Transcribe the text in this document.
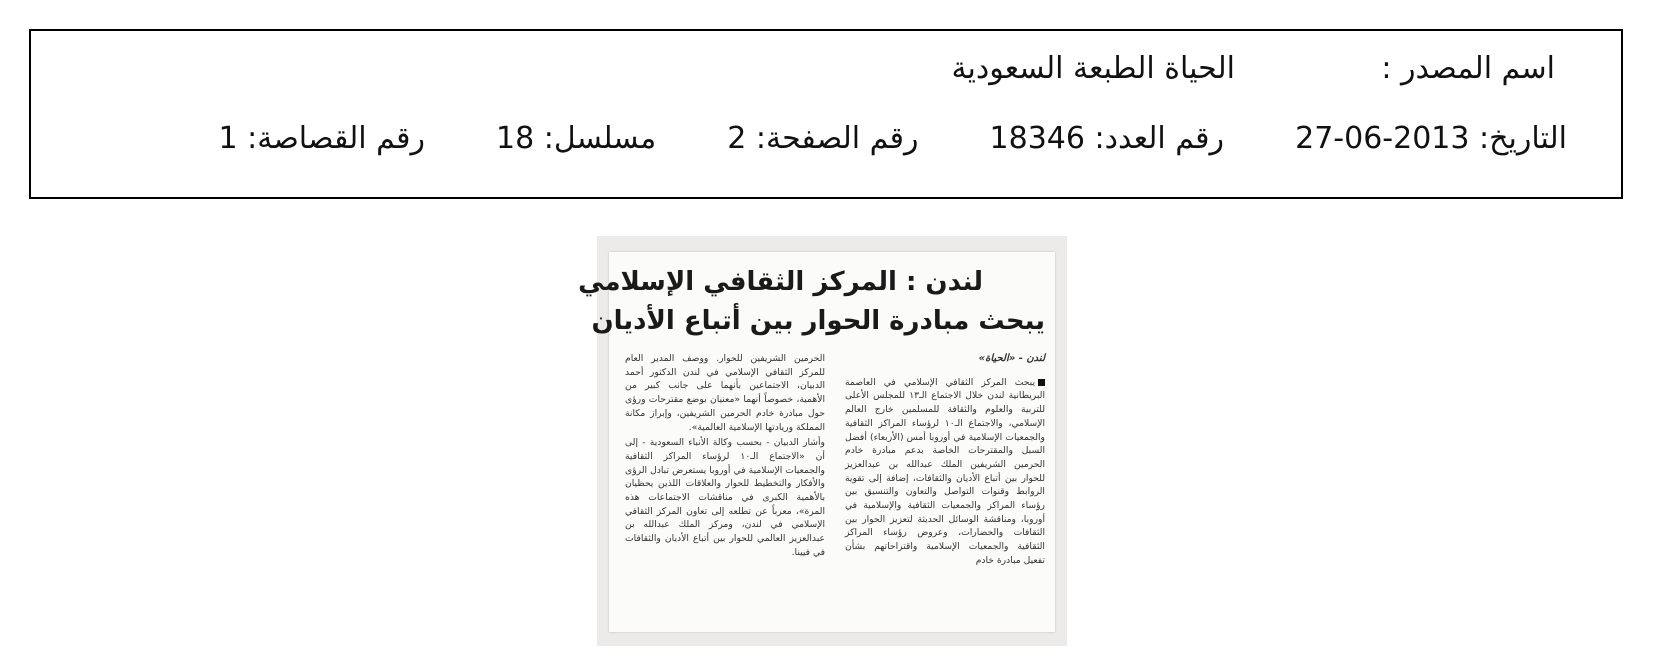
اسم المصدر :
الحياة الطبعة السعودية
التاريخ: 27-06-2013  رقم العدد: 18346  رقم الصفحة: 2  مسلسل: 18  رقم القصاصة: 1
لندن : المركز الثقافي الإسلامي
يبحث مبادرة الحوار بين أتباع الأديان
لندن - «الحياة»

يبحث المركز الثقافي الإسلامي في العاصمة البريطانية لندن خلال الاجتماع الـ١٣ للمجلس الأعلى للتربية والعلوم والثقافة للمسلمين خارج العالم الإسلامي، والاجتماع الـ١٠ لرؤساء المراكز الثقافية والجمعيات الإسلامية في أوروبا أمس (الأربعاء) أفضل السبل والمقترحات الخاصة بدعم مبادرة خادم الحرمين الشريفين الملك عبدالله بن عبدالعزيز للحوار بين أتباع الأديان والثقافات، إضافة إلى تقوية الروابط وقنوات التواصل والتعاون والتنسيق بين رؤساء المراكز والجمعيات الثقافية والإسلامية في أوروبا، ومناقشة الوسائل الحديثة لتعزيز الحوار بين الثقافات والحضارات، وعروض رؤساء المراكز الثقافية والجمعيات الإسلامية واقتراحاتهم بشأن تفعيل مبادرة خادم

الحرمين الشريفين للحوار. ووصف المدير العام للمركز الثقافي الإسلامي في لندن الدكتور أحمد الدبيان، الاجتماعين بأنهما على جانب كبير من الأهمية، خصوصاً أنهما «معنيان بوضع مقترحات ورؤى حول مبادرة خادم الحرمين الشريفين، وإبراز مكانة المملكة وريادتها الإسلامية العالمية».

وأشار الدبيان - بحسب وكالة الأنباء السعودية - إلى أن «الاجتماع الـ١٠ لرؤساء المراكز الثقافية والجمعيات الإسلامية في أوروبا يستعرض تبادل الرؤى والأفكار والتخطيط للحوار والعلاقات اللذين يحظيان بالأهمية الكبرى في مناقشات الاجتماعات هذه المرة»، معرباً عن تطلعه إلى تعاون المركز الثقافي الإسلامي في لندن، ومركز الملك عبدالله بن عبدالعزيز العالمي للحوار بين أتباع الأديان والثقافات في فيينا.
